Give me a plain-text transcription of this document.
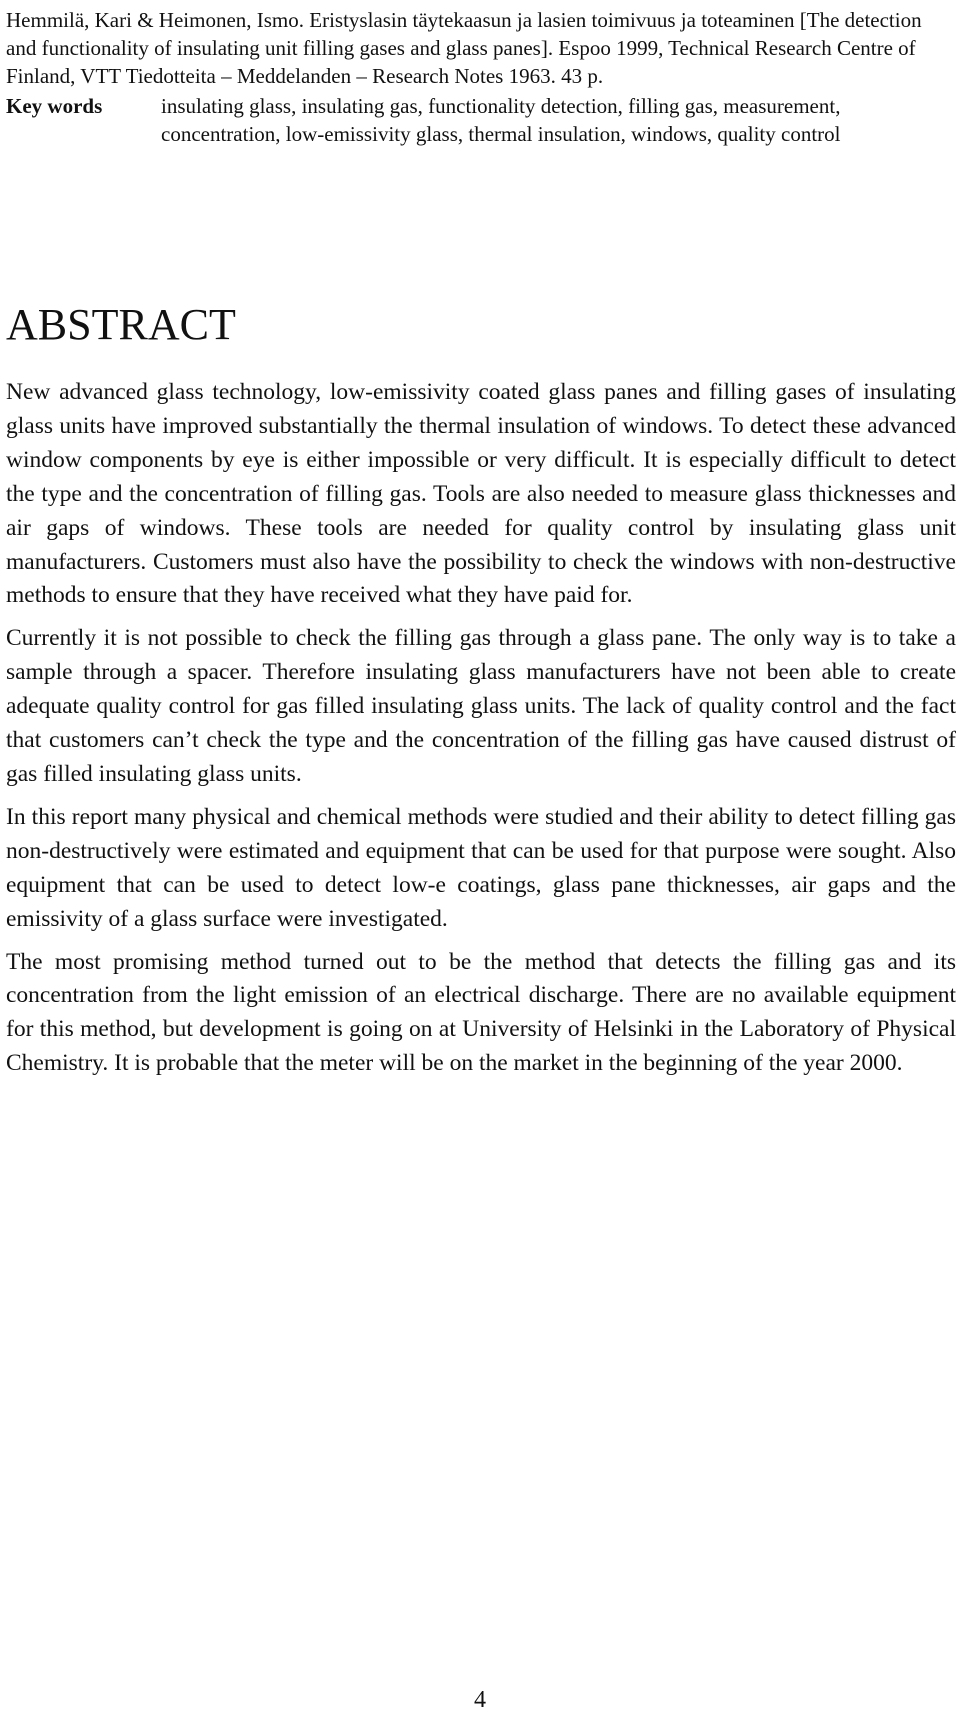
Hemmilä, Kari & Heimonen, Ismo. Eristyslasin täytekaasun ja lasien toimivuus ja toteaminen [The detection and functionality of insulating unit filling gases and glass panes]. Espoo 1999, Technical Research Centre of Finland, VTT Tiedotteita – Meddelanden – Research Notes 1963. 43 p.

Key words	insulating glass, insulating gas, functionality detection, filling gas, measurement, concentration, low-emissivity glass, thermal insulation, windows, quality control
ABSTRACT

New advanced glass technology, low-emissivity coated glass panes and filling gases of insulating glass units have improved substantially the thermal insulation of windows. To detect these advanced window components by eye is either impossible or very difficult. It is especially difficult to detect the type and the concentration of filling gas. Tools are also needed to measure glass thicknesses and air gaps of windows. These tools are needed for quality control by insulating glass unit manufacturers. Customers must also have the possibility to check the windows with non-destructive methods to ensure that they have received what they have paid for.

Currently it is not possible to check the filling gas through a glass pane. The only way is to take a sample through a spacer. Therefore insulating glass manufacturers have not been able to create adequate quality control for gas filled insulating glass units. The lack of quality control and the fact that customers can’t check the type and the concentration of the filling gas have caused distrust of gas filled insulating glass units.

In this report many physical and chemical methods were studied and their ability to detect filling gas non-destructively were estimated and equipment that can be used for that purpose were sought. Also equipment that can be used to detect low-e coatings, glass pane thicknesses, air gaps and the emissivity of a glass surface were investigated.

The most promising method turned out to be the method that detects the filling gas and its concentration from the light emission of an electrical discharge. There are no available equipment for this method, but development is going on at University of Helsinki in the Laboratory of Physical Chemistry. It is probable that the meter will be on the market in the beginning of the year 2000.

4
